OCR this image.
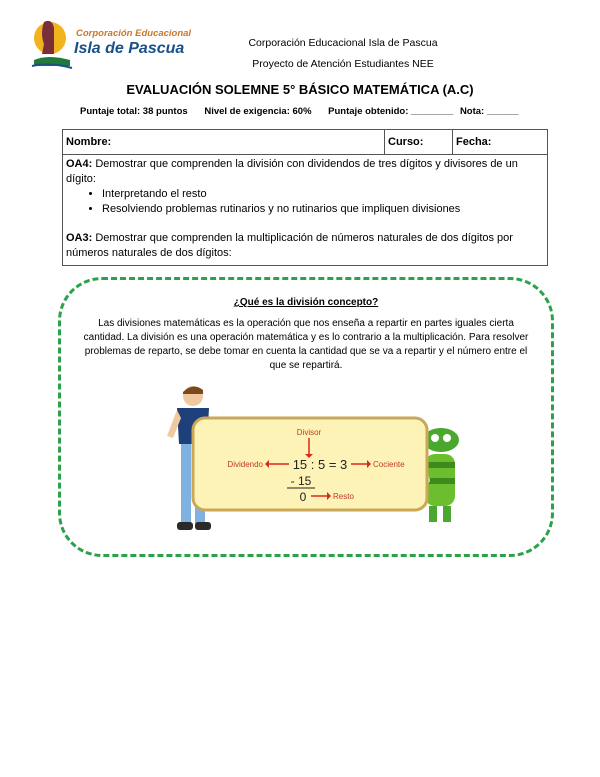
Corporación Educacional
Isla de Pascua	Corporación Educacional Isla de Pascua
Proyecto de Atención Estudiantes NEE
EVALUACIÓN SOLEMNE 5° BÁSICO MATEMÁTICA (A.C)
Puntaje total: 38 puntos Nivel de exigencia: 60% Puntaje obtenido: ________ Nota: ______
Nombre:	Curso:	Fecha:
OA4: Demostrar que comprenden la división con dividendos de tres dígitos y divisores de un dígito:
• Interpretando el resto
• Resolviendo problemas rutinarios y no rutinarios que impliquen divisiones
OA3: Demostrar que comprenden la multiplicación de números naturales de dos dígitos por números naturales de dos dígitos:
¿Qué es la división concepto?
Las divisiones matemáticas es la operación que nos enseña a repartir en partes iguales cierta cantidad. La división es una operación matemática y es lo contrario a la multiplicación. Para resolver problemas de reparto, se debe tomar en cuenta la cantidad que se va a repartir y el número entre el que se repartirá.
Divisor
Dividendo	Cociente
Resto
15 : 5 = 3
- 15
0
